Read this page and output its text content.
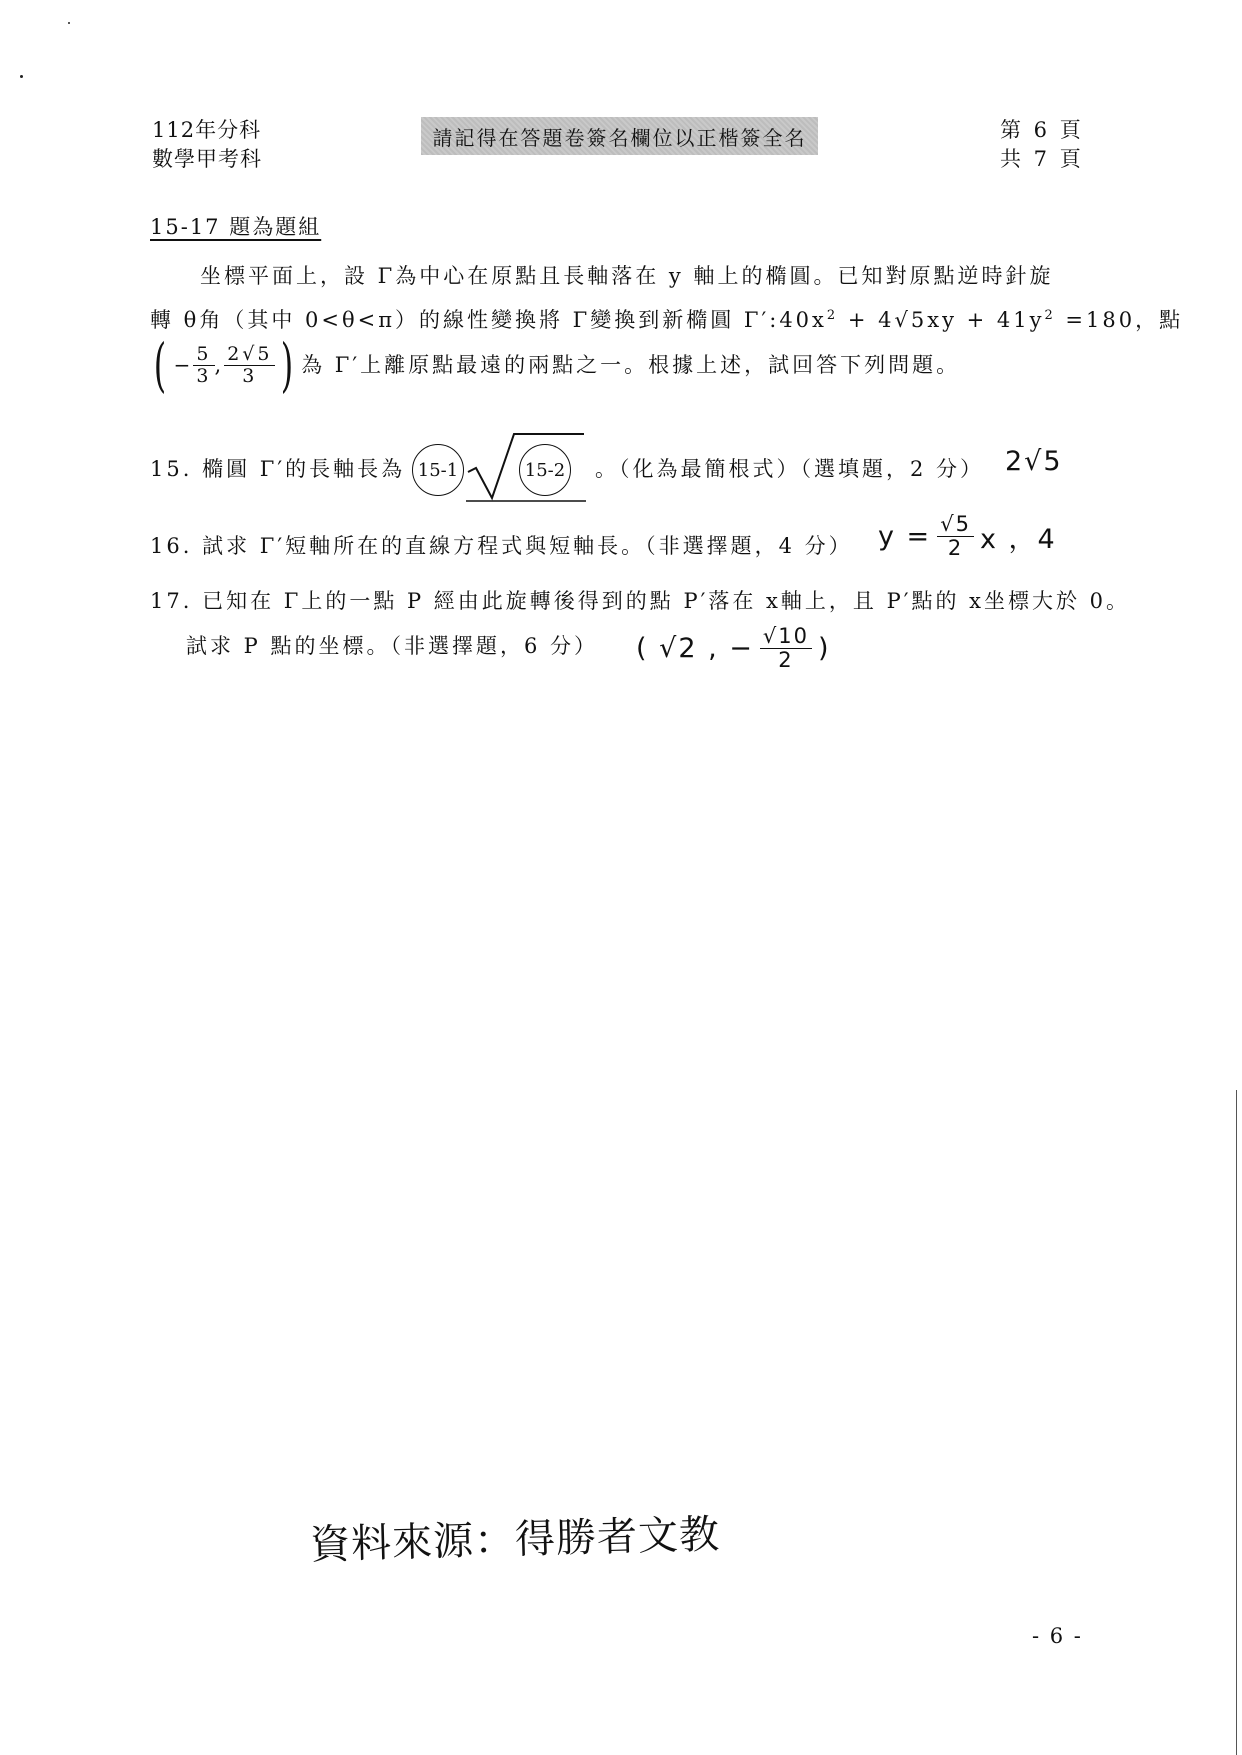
112年分科
數學甲考科
請記得在答題卷簽名欄位以正楷簽全名	第 6 頁
共 7 頁
15-17 題為題組
坐標平面上，設 Γ為中心在原點且長軸落在 y 軸上的橢圓。已知對原點逆時針旋
轉 θ角（其中 0<θ<π）的線性變換將 Γ變換到新橢圓 $\Gamma':40x^2 + 4√5xy + 41y^2 =180$，點
( − $\frac{5}{3}$ , $\frac{2√5}{3}$ ) 為 Γ′上離原點最遠的兩點之一。根據上述，試回答下列問題。
15. 橢圓 Γ′的長軸長為 15-1	15-2 。（化為最簡根式）（選填題，2 分） 2√5
16. 試求 Γ′短軸所在的直線方程式與短軸長。（非選擇題，4 分） $y = \frac{√5}{2}$ x ，4
17. 已知在 Γ上的一點 P 經由此旋轉後得到的點 P′落在 x軸上，且 P′點的 x坐標大於 0。
試求 P 點的坐標。（非選擇題，6 分） ( √2 , − $\frac{√10}{2}$ )
資料來源：得勝者文教
- 6 -
